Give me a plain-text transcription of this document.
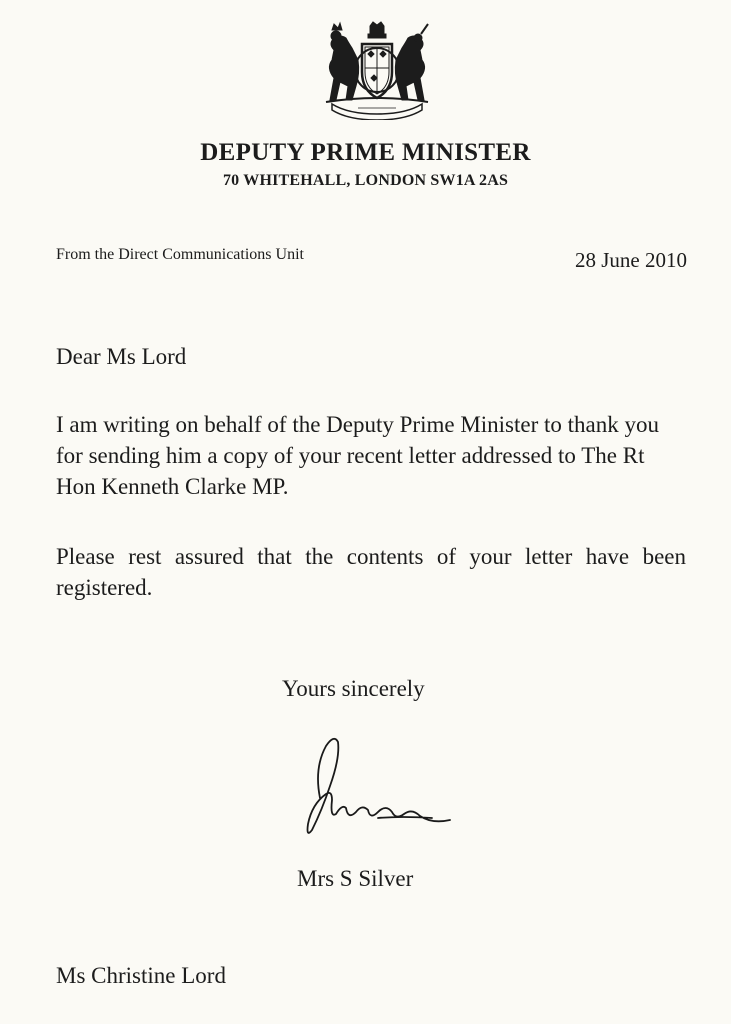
DEPUTY PRIME MINISTER
70 WHITEHALL, LONDON SW1A 2AS
From the Direct Communications Unit	28 June 2010
Dear Ms Lord
I am writing on behalf of the Deputy Prime Minister to thank you for sending him a copy of your recent letter addressed to The Rt Hon Kenneth Clarke MP.
Please rest assured that the contents of your letter have been registered.
Yours sincerely
Mrs S Silver
Ms Christine Lord
